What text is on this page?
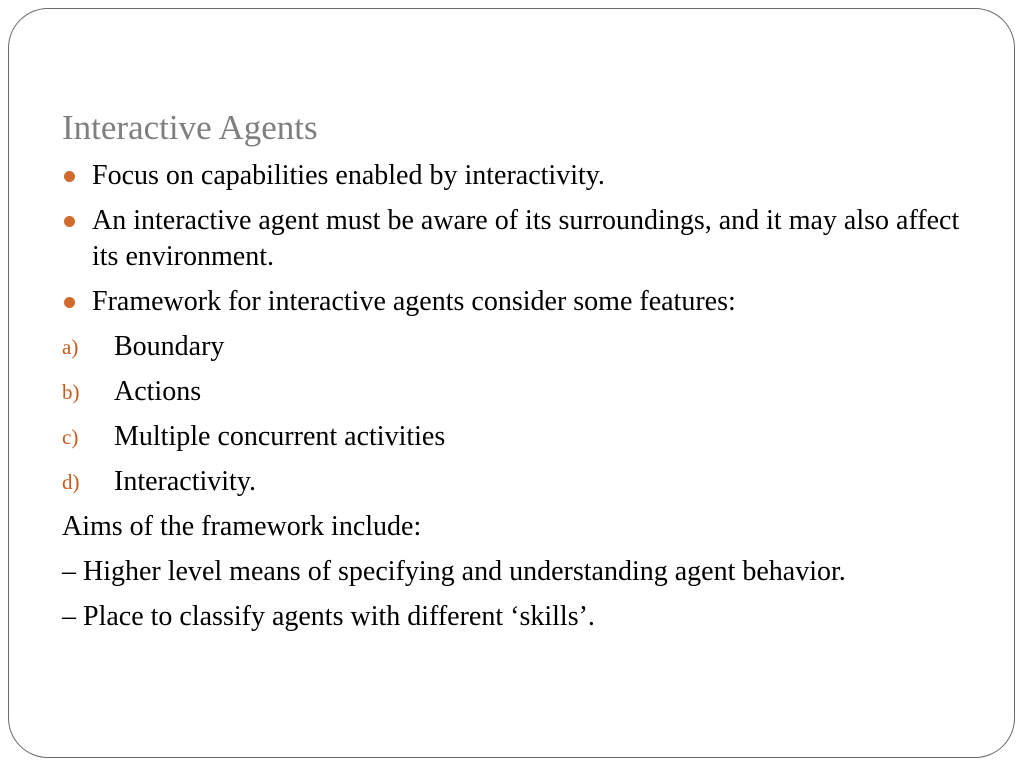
Interactive Agents
Focus on capabilities enabled by interactivity.
An interactive agent must be aware of its surroundings, and it may also affect its environment.
Framework for interactive agents consider some features:
a) Boundary
b) Actions
c) Multiple concurrent activities
d) Interactivity.
Aims of the framework include:
– Higher level means of specifying and understanding agent behavior.
– Place to classify agents with different ‘skills’.
